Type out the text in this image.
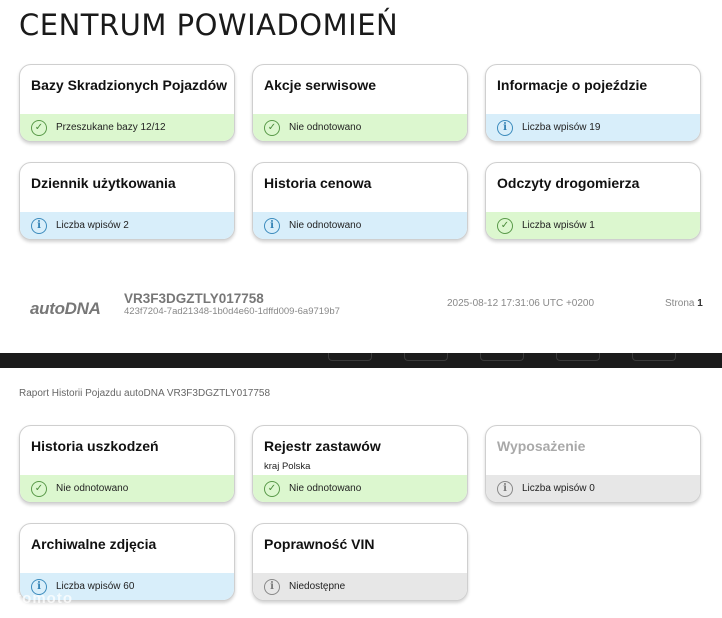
CENTRUM POWIADOMIEŃ
Bazy Skradzionych Pojazdów
✓	Przeszukane bazy 12/12
Akcje serwisowe
✓	Nie odnotowano
Informacje o pojeździe
i	Liczba wpisów 19
Dziennik użytkowania
i	Liczba wpisów 2
Historia cenowa
i	Nie odnotowano
Odczyty drogomierza
✓	Liczba wpisów 1
autoDNA
VR3F3DGZTLY017758
423f7204-7ad21348-1b0d4e60-1dffd009-6a9719b7
2025-08-12 17:31:06 UTC +0200	Strona 1
Raport Historii Pojazdu autoDNA VR3F3DGZTLY017758
Historia uszkodzeń
✓	Nie odnotowano
Rejestr zastawów
kraj Polska
✓	Nie odnotowano
Wyposażenie
i	Liczba wpisów 0
Archiwalne zdjęcia
i	Liczba wpisów 60
Poprawność VIN
i	Niedostępne
otomoto
